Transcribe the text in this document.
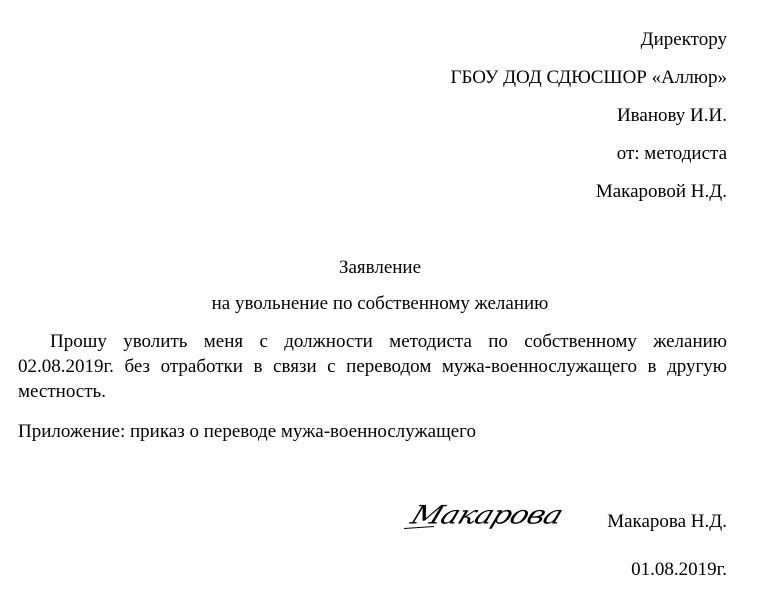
Директору
ГБОУ ДОД СДЮСШОР «Аллюр»
Иванову И.И.
от: методиста
Макаровой Н.Д.
Заявление
на увольнение по собственному желанию
Прошу уволить меня с должности методиста по собственному желанию 02.08.2019г. без отработки в связи с переводом мужа-военнослужащего в другую местность.
Приложение: приказ о переводе мужа-военнослужащего
Макарова Макарова Н.Д.
01.08.2019г.
